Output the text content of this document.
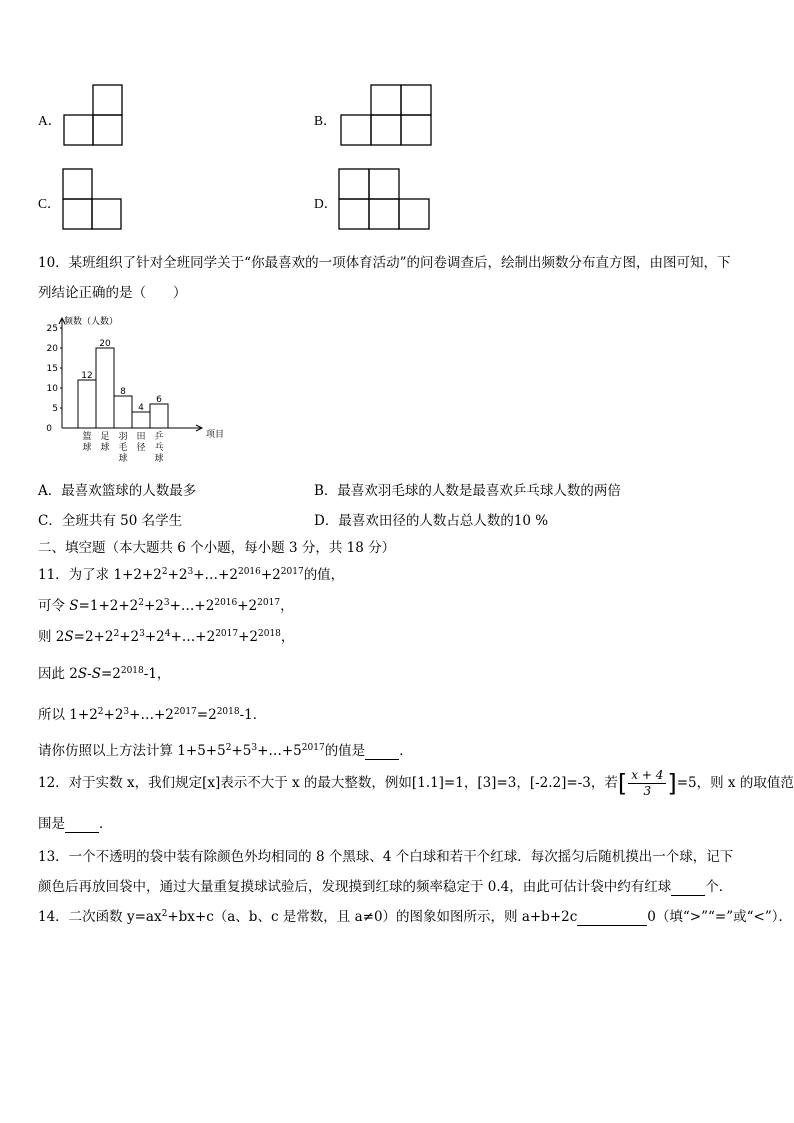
A．	B．
C．	D．
10．某班组织了针对全班同学关于“你最喜欢的一项体育活动”的问卷调查后，绘制出频数分布直方图，由图可知，下
列结论正确的是（　　）
频数（人数）
项目
0
5
10
15
20
25
12
篮
球
20
足
球
8
羽
毛
球
4
田
径
6
乒
乓
球
A．最喜欢篮球的人数最多	B．最喜欢羽毛球的人数是最喜欢乒乓球人数的两倍
C．全班共有 50 名学生	D．最喜欢田径的人数占总人数的10 %
二、填空题（本大题共 6 个小题，每小题 3 分，共 18 分）
11．为了求 $1+2+2^2+2^3+\dots+2^{2016}+2^{2017}$的值，
可令 $S=1+2+2^2+2^3+\dots+2^{2016}+2^{2017}$，
则 $2S=2+2^2+2^3+2^4+\dots+2^{2017}+2^{2018}$，
因此 $2S-S=2^{2018}-1$，
所以 $1+2^2+2^3+\dots+2^{2017}=2^{2018}-1$．
请你仿照以上方法计算 $1+5+5^2+5^3+\dots+5^{2017}$的值是	．
12．对于实数 x，我们规定[x]表示不大于 x 的最大整数，例如[1.1]=1，[3]=3，[-2.2]=-3，若[ $\frac{x + 4}{3} ]=5$，则 x 的取值范
围是	．
13．一个不透明的袋中装有除颜色外均相同的 8 个黑球、4 个白球和若干个红球．每次摇匀后随机摸出一个球，记下
颜色后再放回袋中，通过大量重复摸球试验后，发现摸到红球的频率稳定于 0.4，由此可估计袋中约有红球	个．
14．二次函数 $y=ax^2+bx+c(a$、b、c 是常数，且 a≠0）的图象如图所示，则 a+b+2c	0（填“>”“=”或“<”）．
